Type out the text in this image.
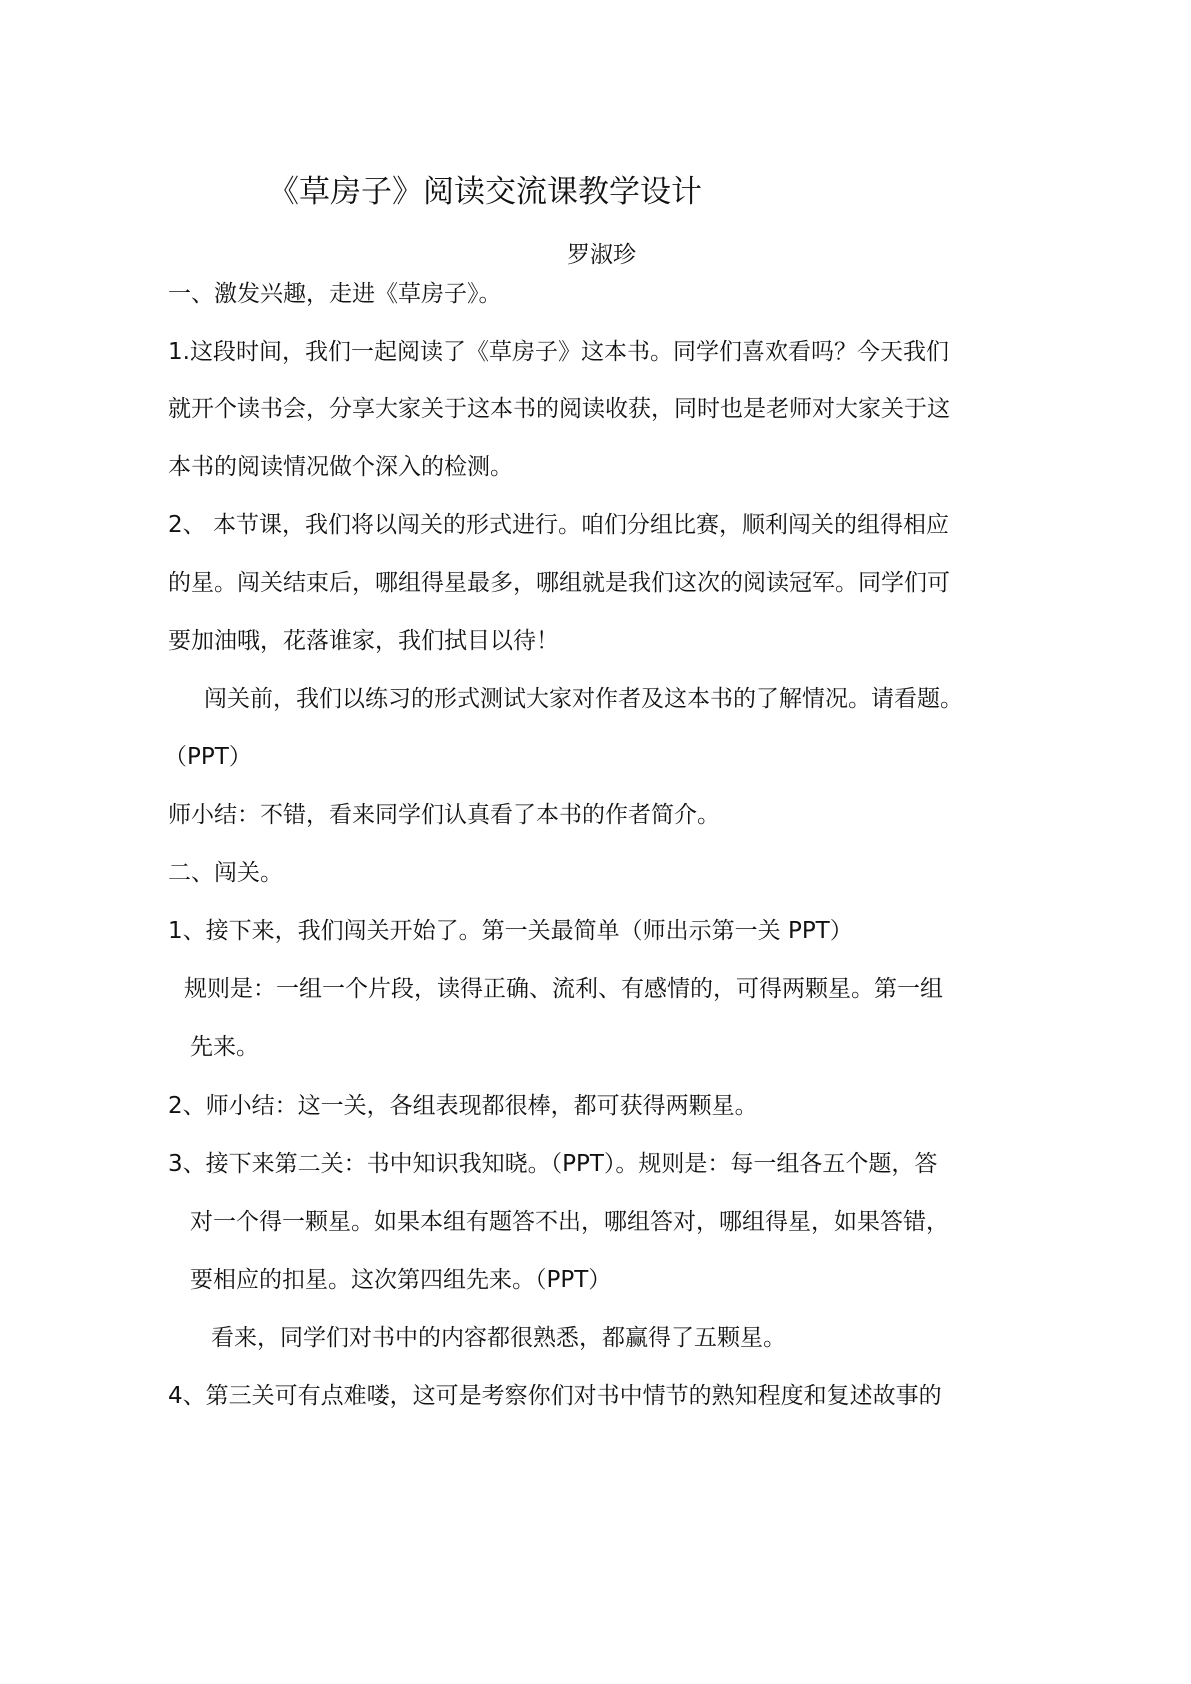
《草房子》阅读交流课教学设计
罗淑珍
一、激发兴趣，走进《草房子》。
1.这段时间，我们一起阅读了《草房子》这本书。同学们喜欢看吗？今天我们
就开个读书会，分享大家关于这本书的阅读收获，同时也是老师对大家关于这
本书的阅读情况做个深入的检测。
2、 本节课，我们将以闯关的形式进行。咱们分组比赛，顺利闯关的组得相应
的星。闯关结束后，哪组得星最多，哪组就是我们这次的阅读冠军。同学们可
要加油哦，花落谁家，我们拭目以待！
闯关前，我们以练习的形式测试大家对作者及这本书的了解情况。请看题。
（PPT）
师小结：不错，看来同学们认真看了本书的作者简介。
二、闯关。
1、接下来，我们闯关开始了。第一关最简单（师出示第一关 PPT）
规则是：一组一个片段，读得正确、流利、有感情的，可得两颗星。第一组
先来。
2、师小结：这一关，各组表现都很棒，都可获得两颗星。
3、接下来第二关：书中知识我知晓。（PPT）。规则是：每一组各五个题，答
对一个得一颗星。如果本组有题答不出，哪组答对，哪组得星，如果答错，
要相应的扣星。这次第四组先来。（PPT）
看来，同学们对书中的内容都很熟悉，都赢得了五颗星。
4、第三关可有点难喽，这可是考察你们对书中情节的熟知程度和复述故事的
